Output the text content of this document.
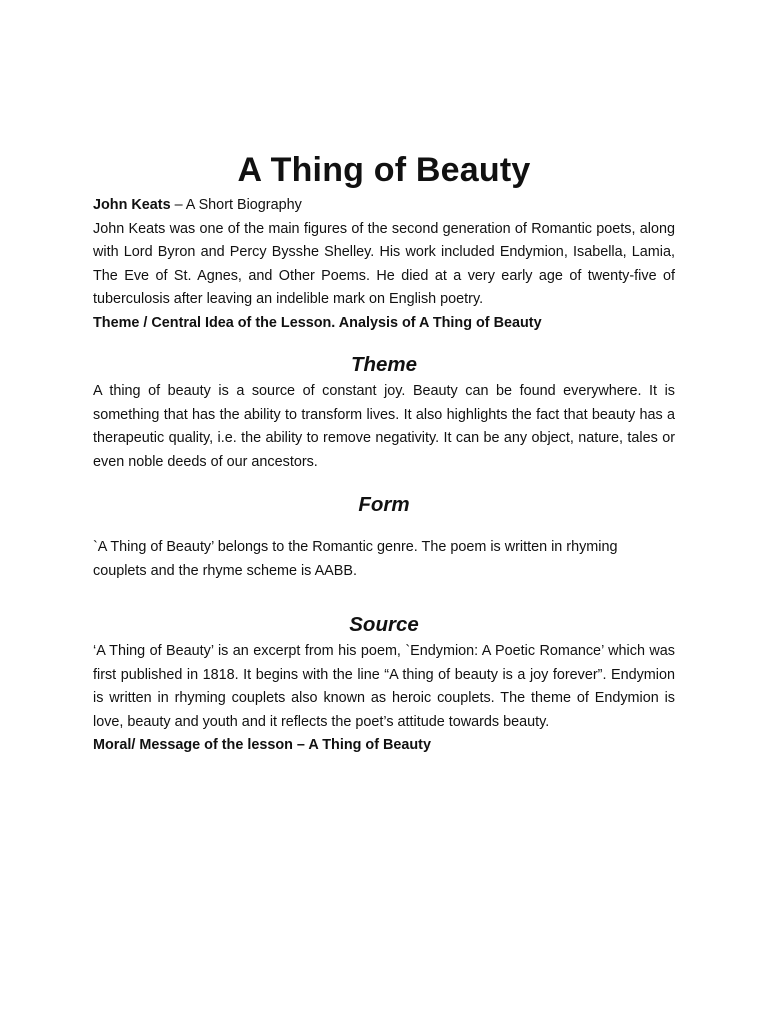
A Thing of Beauty

John Keats – A Short Biography

John Keats was one of the main figures of the second generation of Romantic poets, along with Lord Byron and Percy Bysshe Shelley. His work included Endymion, Isabella, Lamia, The Eve of St. Agnes, and Other Poems. He died at a very early age of twenty-five of tuberculosis after leaving an indelible mark on English poetry.

Theme / Central Idea of the Lesson. Analysis of A Thing of Beauty

Theme

A thing of beauty is a source of constant joy. Beauty can be found everywhere. It is something that has the ability to transform lives. It also highlights the fact that beauty has a therapeutic quality, i.e. the ability to remove negativity. It can be any object, nature, tales or even noble deeds of our ancestors.

Form

`A Thing of Beauty’ belongs to the Romantic genre. The poem is written in rhyming couplets and the rhyme scheme is AABB.

Source

‘A Thing of Beauty’ is an excerpt from his poem, `Endymion: A Poetic Romance’ which was first published in 1818. It begins with the line “A thing of beauty is a joy forever”. Endymion is written in rhyming couplets also known as heroic couplets. The theme of Endymion is love, beauty and youth and it reflects the poet’s attitude towards beauty.

Moral/ Message of the lesson – A Thing of Beauty
